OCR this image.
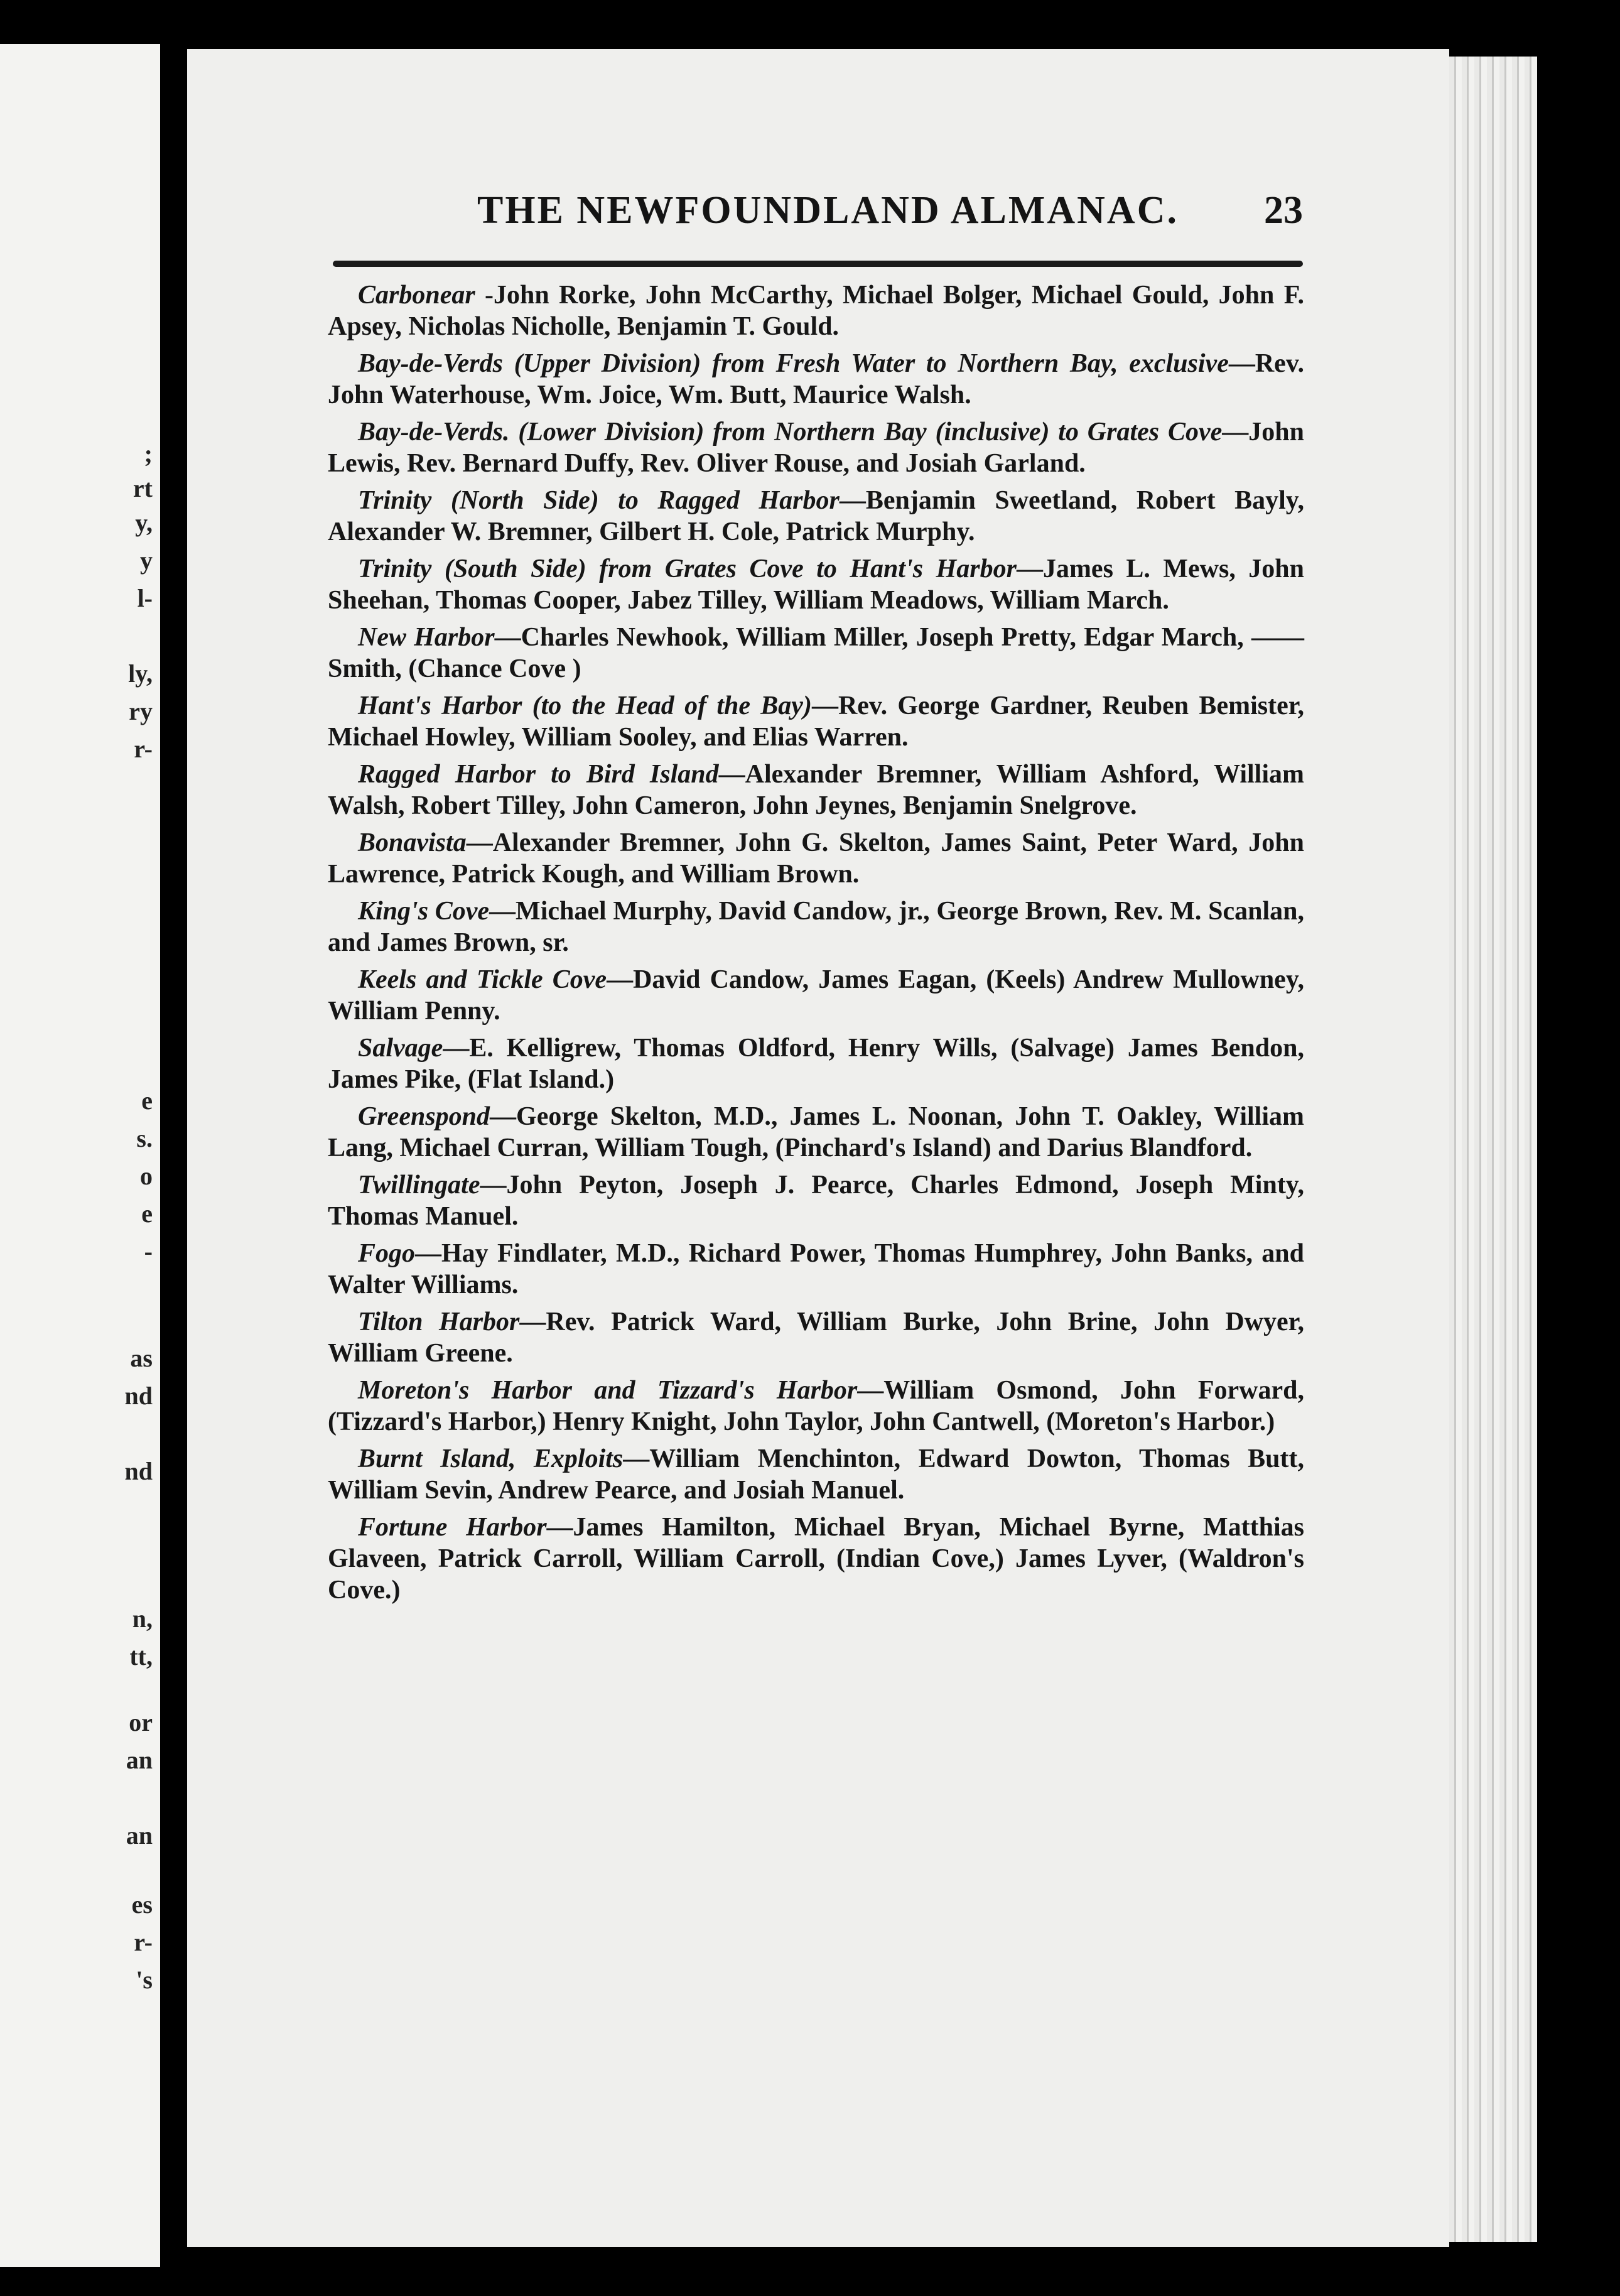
;
rt
y,
y
l-
ly,
ry
r-
e
s.
o
e
-
as
nd
nd
n,
tt,
or
an
an
es
r-
's
THE NEWFOUNDLAND ALMANAC. 23

Carbonear -John Rorke, John McCarthy, Michael Bolger, Michael Gould, John F. Apsey, Nicholas Nicholle, Benjamin T. Gould.

Bay-de-Verds (Upper Division) from Fresh Water to Northern Bay, exclusive—Rev. John Waterhouse, Wm. Joice, Wm. Butt, Maurice Walsh.

Bay-de-Verds. (Lower Division) from Northern Bay (inclusive) to Grates Cove—John Lewis, Rev. Bernard Duffy, Rev. Oliver Rouse, and Josiah Garland.

Trinity (North Side) to Ragged Harbor—Benjamin Sweetland, Robert Bayly, Alexander W. Bremner, Gilbert H. Cole, Patrick Murphy.

Trinity (South Side) from Grates Cove to Hant's Harbor—James L. Mews, John Sheehan, Thomas Cooper, Jabez Tilley, William Meadows, William March.

New Harbor—Charles Newhook, William Miller, Joseph Pretty, Edgar March, —— Smith, (Chance Cove )

Hant's Harbor (to the Head of the Bay)—Rev. George Gardner, Reuben Bemister, Michael Howley, William Sooley, and Elias Warren.

Ragged Harbor to Bird Island—Alexander Bremner, William Ashford, William Walsh, Robert Tilley, John Cameron, John Jeynes, Benjamin Snelgrove.

Bonavista—Alexander Bremner, John G. Skelton, James Saint, Peter Ward, John Lawrence, Patrick Kough, and William Brown.

King's Cove—Michael Murphy, David Candow, jr., George Brown, Rev. M. Scanlan, and James Brown, sr.

Keels and Tickle Cove—David Candow, James Eagan, (Keels) Andrew Mullowney, William Penny.

Salvage—E. Kelligrew, Thomas Oldford, Henry Wills, (Salvage) James Bendon, James Pike, (Flat Island.)

Greenspond—George Skelton, M.D., James L. Noonan, John T. Oakley, William Lang, Michael Curran, William Tough, (Pinchard's Island) and Darius Blandford.

Twillingate—John Peyton, Joseph J. Pearce, Charles Edmond, Joseph Minty, Thomas Manuel.

Fogo—Hay Findlater, M.D., Richard Power, Thomas Humphrey, John Banks, and Walter Williams.

Tilton Harbor—Rev. Patrick Ward, William Burke, John Brine, John Dwyer, William Greene.

Moreton's Harbor and Tizzard's Harbor—William Osmond, John Forward, (Tizzard's Harbor,) Henry Knight, John Taylor, John Cantwell, (Moreton's Harbor.)

Burnt Island, Exploits—William Menchinton, Edward Dowton, Thomas Butt, William Sevin, Andrew Pearce, and Josiah Manuel.

Fortune Harbor—James Hamilton, Michael Bryan, Michael Byrne, Matthias Glaveen, Patrick Carroll, William Carroll, (Indian Cove,) James Lyver, (Waldron's Cove.)
